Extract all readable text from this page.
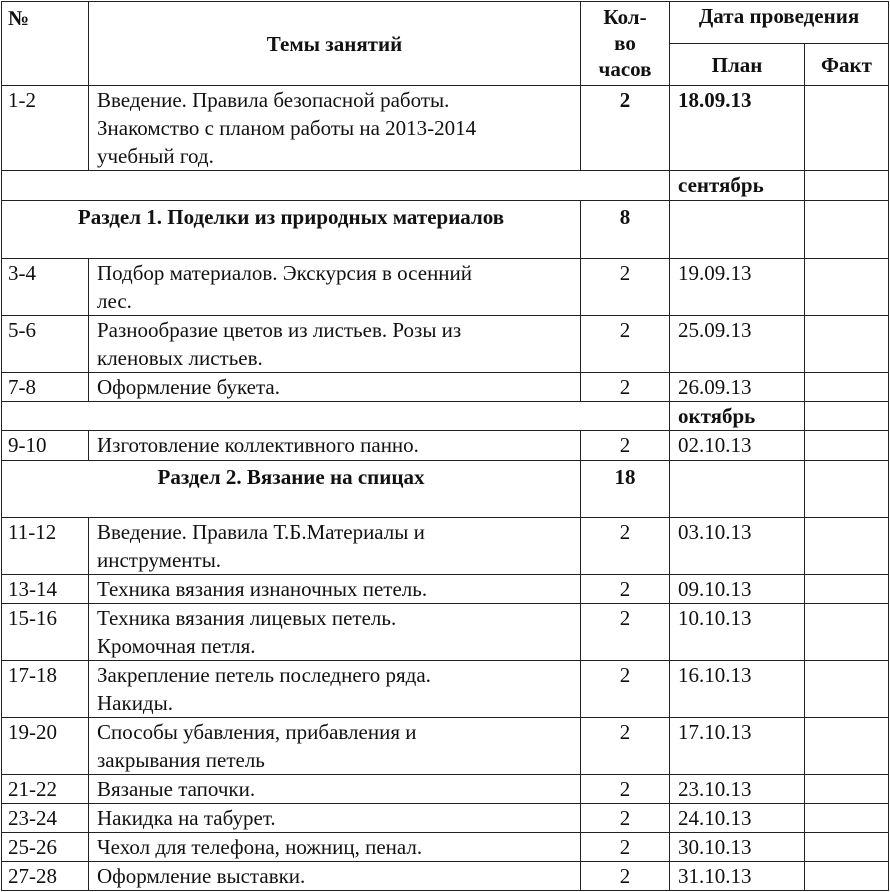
№	Темы занятий	Кол-
во
часов	Дата проведения	
			План	Факт
1-2	Введение. Правила безопасной работы.
Знакомство с планом работы на 2013-2014
учебный год.	2	18.09.13	
			сентябрь	
Раздел 1. Поделки из природных материалов		8		
3-4	Подбор материалов. Экскурсия в осенний
лес.	2	19.09.13	
5-6	Разнообразие цветов из листьев. Розы из
кленовых листьев.	2	25.09.13	
7-8	Оформление букета.	2	26.09.13	
			октябрь	
9-10	Изготовление коллективного панно.	2	02.10.13	
Раздел 2. Вязание на спицах		18		
11-12	Введение. Правила Т.Б.Материалы и
инструменты.	2	03.10.13	
13-14	Техника вязания изнаночных петель.	2	09.10.13	
15-16	Техника вязания лицевых петель.
Кромочная петля.	2	10.10.13	
17-18	Закрепление петель последнего ряда.
Накиды.	2	16.10.13	
19-20	Способы убавления, прибавления и
закрывания петель	2	17.10.13	
21-22	Вязаные тапочки.	2	23.10.13	
23-24	Накидка на табурет.	2	24.10.13	
25-26	Чехол для телефона, ножниц, пенал.	2	30.10.13	
27-28	Оформление выставки.	2	31.10.13	
